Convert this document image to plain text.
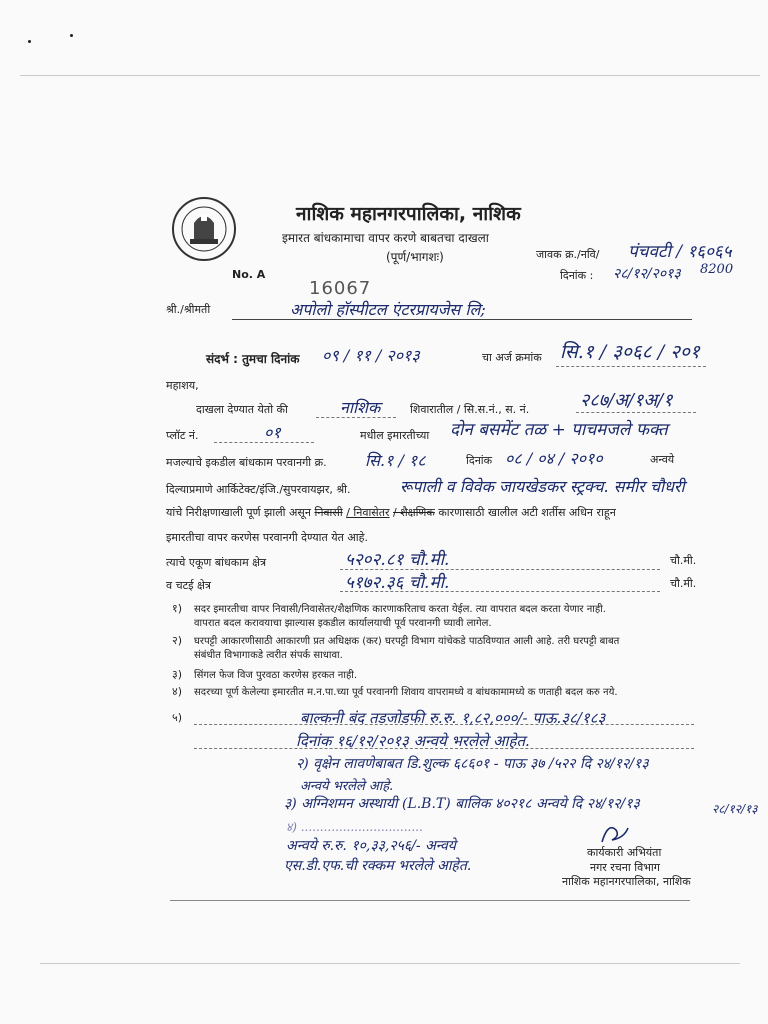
नाशिक महानगरपालिका, नाशिक
इमारत बांधकामाचा वापर करणे बाबतचा दाखला
(पूर्ण/भागशः)	जावक क्र./नवि/ पंचवटी / १६०६५
8200
दिनांक : २८/१२/२०१३
No. A
16067
श्री./श्रीमती	अपोलो हॉस्पीटल एंटरप्रायजेस लि;
संदर्भ : तुमचा दिनांक ०९ / ११ / २०१३	चा अर्ज क्रमांक सि.१ / ३०६८ / २०१
महाशय,
दाखला देण्यात येतो की	नाशिक	शिवारातील / सि.स.नं., स. नं.	२८७/अ/१अ/१
प्लॉट नं.	०१	मधील इमारतीच्या दोन बसमेंट तळ + पाचमजले फक्त
मजल्याचे इकडील बांधकाम परवानगी क्र. सि.१ / १८	दिनांक ०८ / ०४ / २०१०	अन्वये
दिल्याप्रमाणे आर्किटेक्ट/इंजि./सुपरवायझर, श्री.	रूपाली व विवेक जायखेडकर स्ट्रक्च. समीर चौधरी
यांचे निरीक्षणाखाली पूर्ण झाली असून निवासी / निवासेतर / शैक्षणिक कारणासाठी खालील अटी शर्तीस अधिन राहून
इमारतीचा वापर करणेस परवानगी देण्यात येत आहे.
त्याचे एकूण बांधकाम क्षेत्र	५२०२.८१ चौ.मी.	चौ.मी.
व चटई क्षेत्र	५१७२.३६ चौ.मी.	चौ.मी.
१) सदर इमारतीचा वापर निवासी/निवासेतर/शैक्षणिक कारणाकरिताच करता येईल. त्या वापरात बदल करता येणार नाही.
वापरात बदल करावयाचा झाल्यास इकडील कार्यालयाची पूर्व परवानगी घ्यावी लागेल.
२) घरपट्टी आकारणीसाठी आकारणी प्रत अधिक्षक (कर) घरपट्टी विभाग यांचेकडे पाठविण्यात आली आहे. तरी घरपट्टी बाबत
संबंधीत विभागाकडे त्वरीत संपर्क साधावा.
३) सिंगल फेज विज पुरवठा करणेस हरकत नाही.
४) सदरच्या पूर्ण केलेल्या इमारतीत म.न.पा.च्या पूर्व परवानगी शिवाय वापरामध्ये व बांधकामामध्ये क णताही बदल करु नये.
५)	बाल्कनी बंद तडजोडफी रु.रु. १,८२,०००/- पाऊ.३८/१८३
दिनांक १६/१२/२०१३ अन्वये भरलेले आहेत.
२) वृक्षेन लावणेबाबत डि.शुल्क ६८६०१ - पाऊ ३७ /५२२ दि २४/१२/१३
अन्वये भरलेले आहे.
३) अग्निशमन अस्थायी (L.B.T) बालिक ४०२१८ अन्वये दि २४/१२/१३	२८/१२/१३
४) ................................
अन्वये रु.रु. १०,३३,२५६/- अन्वये
एस.डी.एफ.ची रक्कम भरलेले आहेत.
कार्यकारी अभियंता
नगर रचना विभाग
नाशिक महानगरपालिका, नाशिक
